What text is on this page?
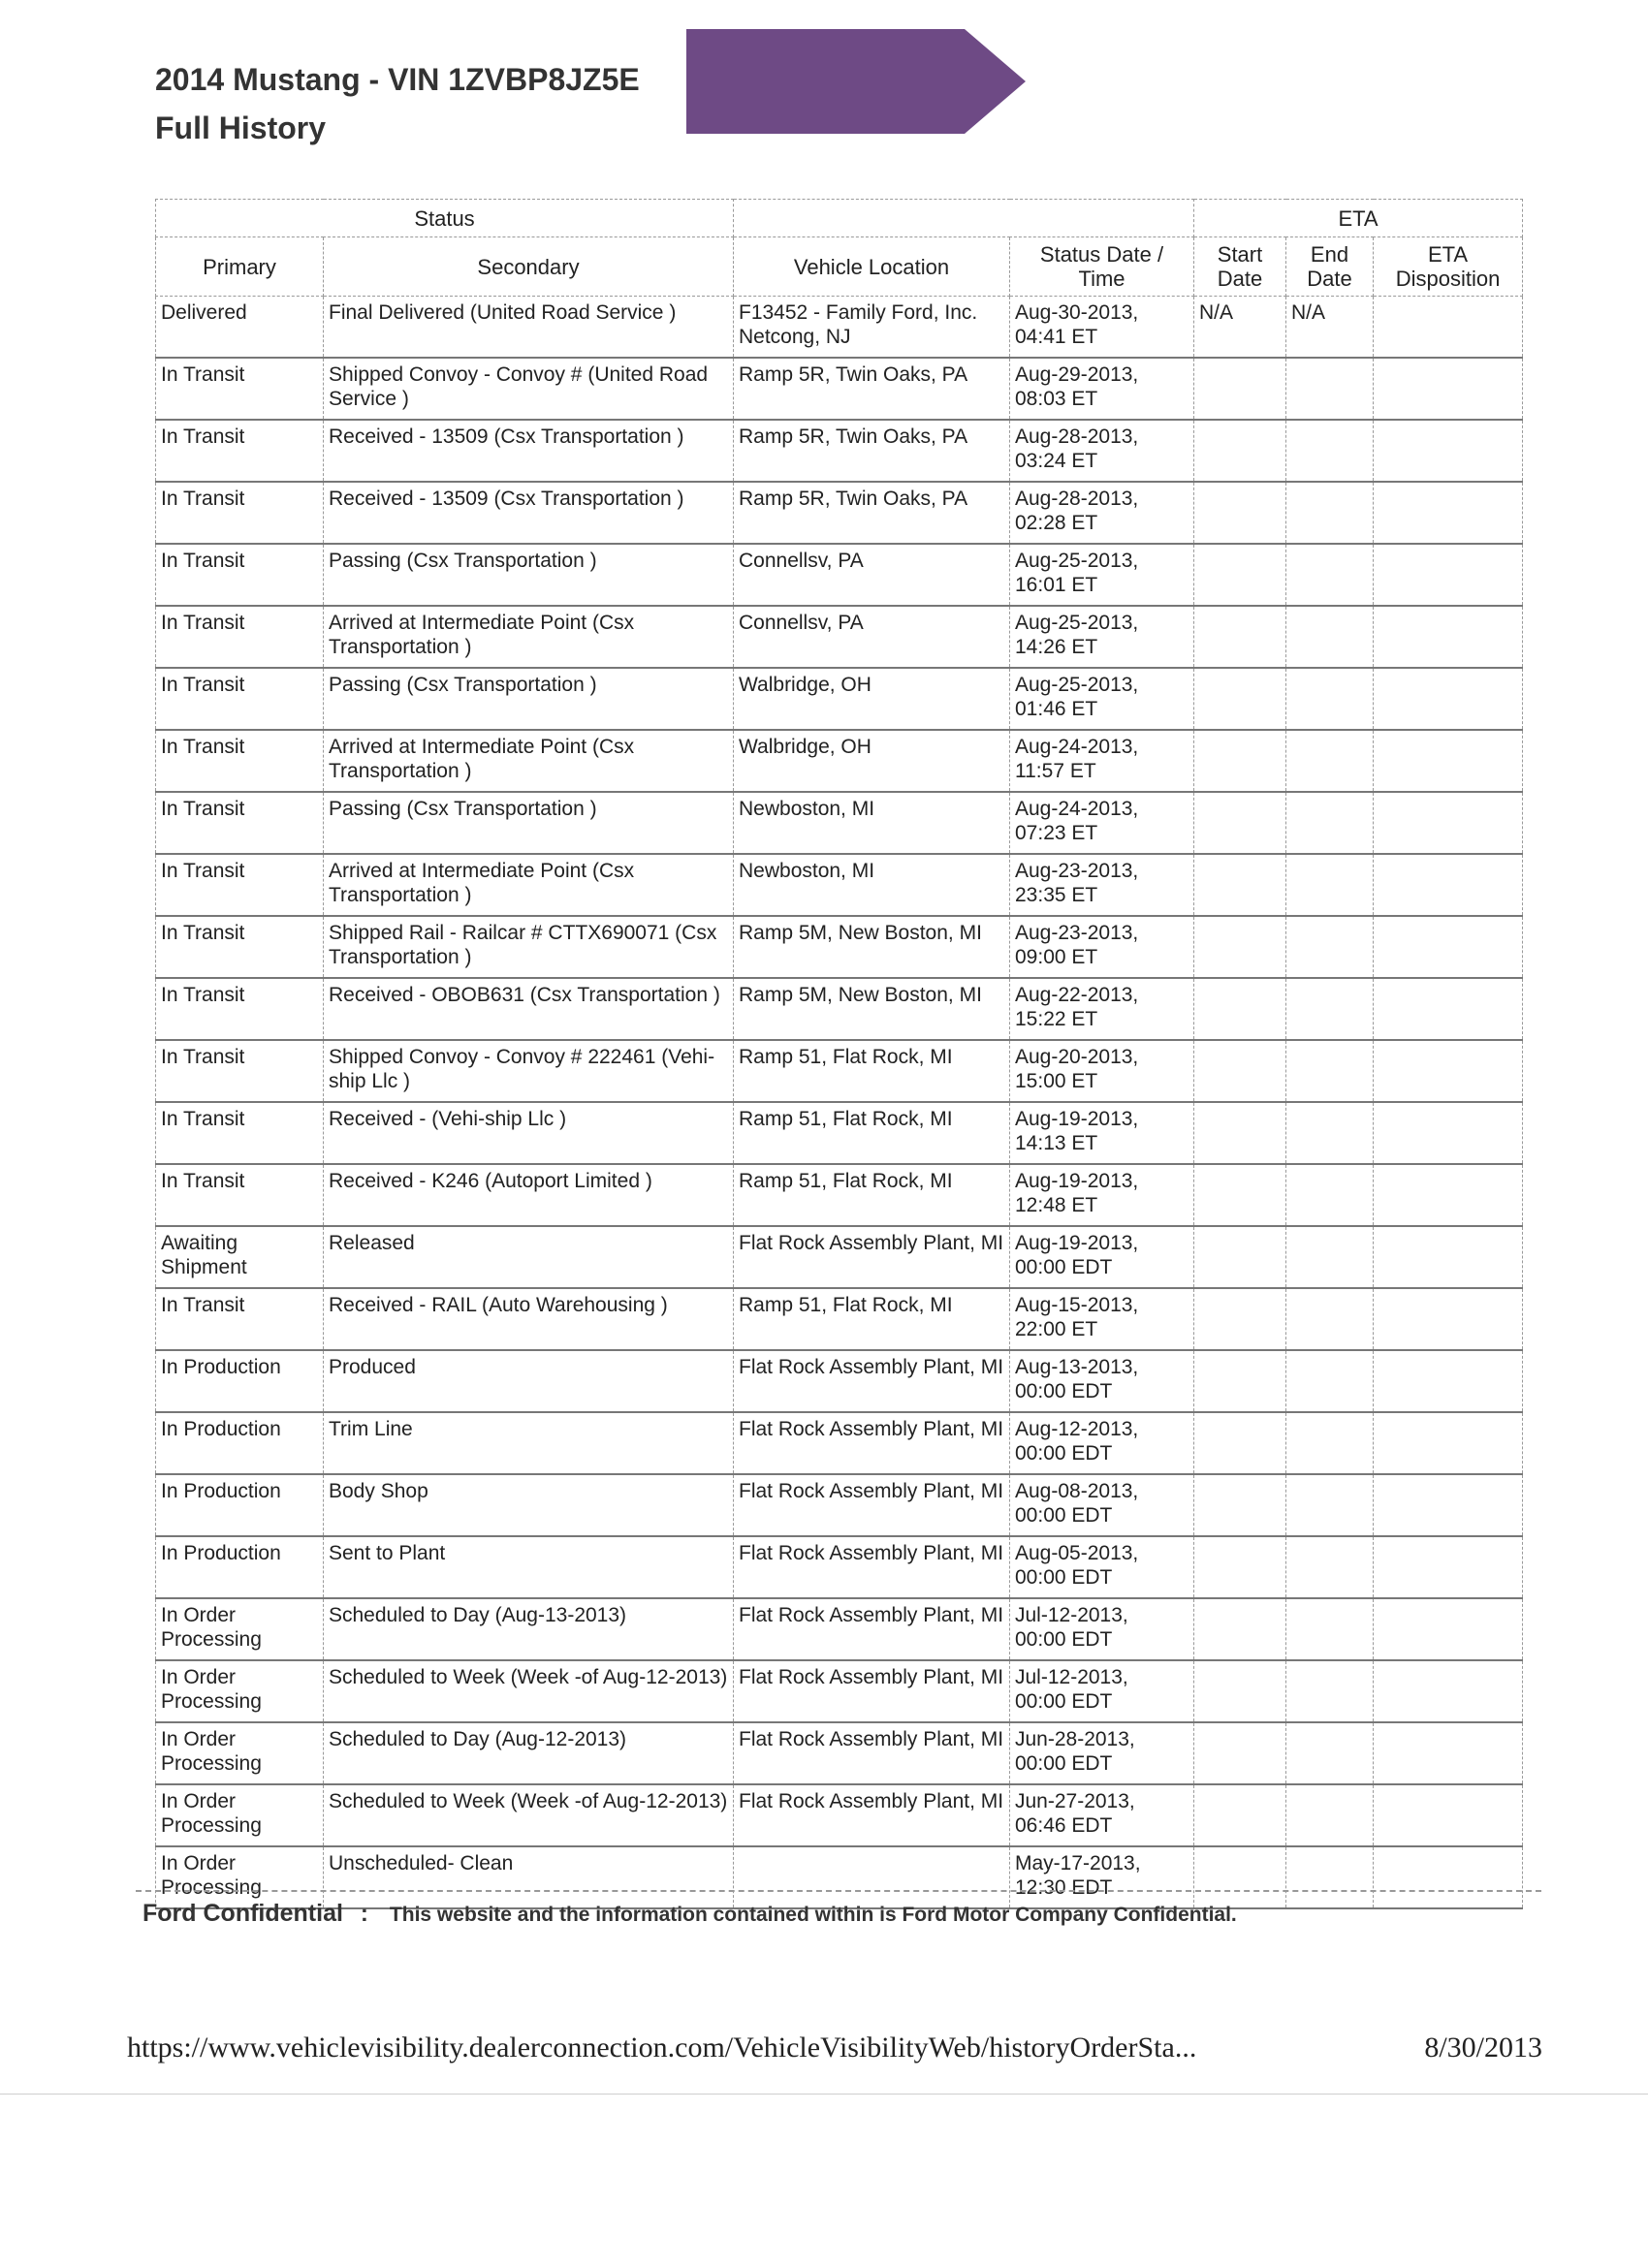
2014 Mustang - VIN 1ZVBP8JZ5E
Full History
Status				ETA		
Primary	Secondary	Vehicle Location	Status Date / Time	Start Date	End Date	ETA Disposition
Delivered	Final Delivered (United Road Service )	F13452 - Family Ford, Inc. Netcong, NJ	Aug-30-2013,
04:41 ET	N/A	N/A	
In Transit	Shipped Convoy - Convoy # (United Road Service )	Ramp 5R, Twin Oaks, PA	Aug-29-2013,
08:03 ET			
In Transit	Received - 13509 (Csx Transportation )	Ramp 5R, Twin Oaks, PA	Aug-28-2013,
03:24 ET			
In Transit	Received - 13509 (Csx Transportation )	Ramp 5R, Twin Oaks, PA	Aug-28-2013,
02:28 ET			
In Transit	Passing (Csx Transportation )	Connellsv, PA	Aug-25-2013,
16:01 ET			
In Transit	Arrived at Intermediate Point (Csx Transportation )	Connellsv, PA	Aug-25-2013,
14:26 ET			
In Transit	Passing (Csx Transportation )	Walbridge, OH	Aug-25-2013,
01:46 ET			
In Transit	Arrived at Intermediate Point (Csx Transportation )	Walbridge, OH	Aug-24-2013,
11:57 ET			
In Transit	Passing (Csx Transportation )	Newboston, MI	Aug-24-2013,
07:23 ET			
In Transit	Arrived at Intermediate Point (Csx Transportation )	Newboston, MI	Aug-23-2013,
23:35 ET			
In Transit	Shipped Rail - Railcar # CTTX690071 (Csx Transportation )	Ramp 5M, New Boston, MI	Aug-23-2013,
09:00 ET			
In Transit	Received - OBOB631 (Csx Transportation )	Ramp 5M, New Boston, MI	Aug-22-2013,
15:22 ET			
In Transit	Shipped Convoy - Convoy # 222461 (Vehi-ship Llc )	Ramp 51, Flat Rock, MI	Aug-20-2013,
15:00 ET			
In Transit	Received - (Vehi-ship Llc )	Ramp 51, Flat Rock, MI	Aug-19-2013,
14:13 ET			
In Transit	Received - K246 (Autoport Limited )	Ramp 51, Flat Rock, MI	Aug-19-2013,
12:48 ET			
Awaiting Shipment	Released	Flat Rock Assembly Plant, MI	Aug-19-2013,
00:00 EDT			
In Transit	Received - RAIL (Auto Warehousing )	Ramp 51, Flat Rock, MI	Aug-15-2013,
22:00 ET			
In Production	Produced	Flat Rock Assembly Plant, MI	Aug-13-2013,
00:00 EDT			
In Production	Trim Line	Flat Rock Assembly Plant, MI	Aug-12-2013,
00:00 EDT			
In Production	Body Shop	Flat Rock Assembly Plant, MI	Aug-08-2013,
00:00 EDT			
In Production	Sent to Plant	Flat Rock Assembly Plant, MI	Aug-05-2013,
00:00 EDT			
In Order Processing	Scheduled to Day (Aug-13-2013)	Flat Rock Assembly Plant, MI	Jul-12-2013,
00:00 EDT			
In Order Processing	Scheduled to Week (Week -of Aug-12-2013)	Flat Rock Assembly Plant, MI	Jul-12-2013,
00:00 EDT			
In Order Processing	Scheduled to Day (Aug-12-2013)	Flat Rock Assembly Plant, MI	Jun-28-2013,
00:00 EDT			
In Order Processing	Scheduled to Week (Week -of Aug-12-2013)	Flat Rock Assembly Plant, MI	Jun-27-2013,
06:46 EDT			
In Order Processing	Unscheduled- Clean		May-17-2013,
12:30 EDT			
Ford Confidential : This website and the information contained within is Ford Motor Company Confidential.
https://www.vehiclevisibility.dealerconnection.com/VehicleVisibilityWeb/historyOrderSta...	8/30/2013
